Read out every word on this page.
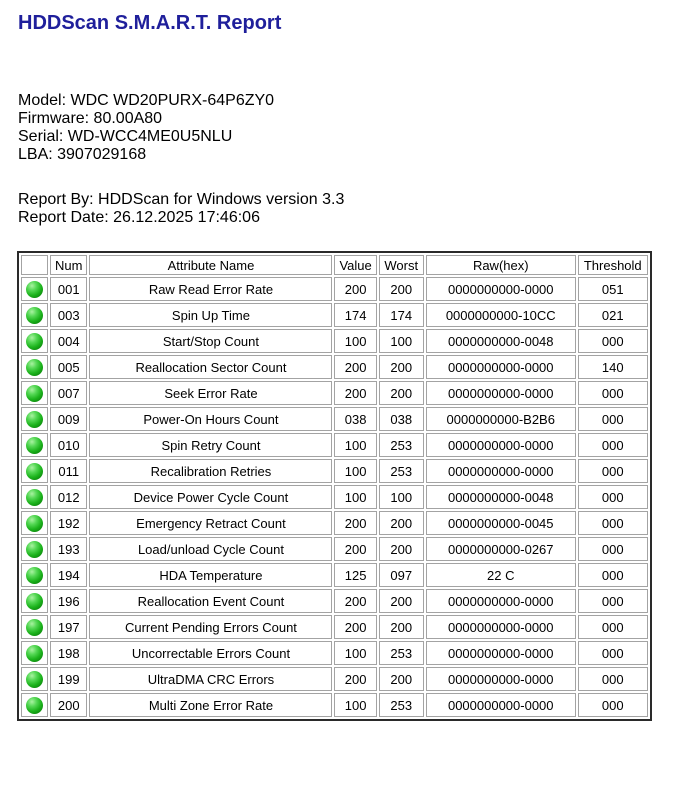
HDDScan S.M.A.R.T. Report
Model: WDC WD20PURX-64P6ZY0
Firmware: 80.00A80
Serial: WD-WCC4ME0U5NLU
LBA: 3907029168
Report By: HDDScan for Windows version 3.3
Report Date: 26.12.2025 17:46:06
	Num	Attribute Name	Value	Worst	Raw(hex)	Threshold
	001	Raw Read Error Rate	200	200	0000000000-0000	051
	003	Spin Up Time	174	174	0000000000-10CC	021
	004	Start/Stop Count	100	100	0000000000-0048	000
	005	Reallocation Sector Count	200	200	0000000000-0000	140
	007	Seek Error Rate	200	200	0000000000-0000	000
	009	Power-On Hours Count	038	038	0000000000-B2B6	000
	010	Spin Retry Count	100	253	0000000000-0000	000
	011	Recalibration Retries	100	253	0000000000-0000	000
	012	Device Power Cycle Count	100	100	0000000000-0048	000
	192	Emergency Retract Count	200	200	0000000000-0045	000
	193	Load/unload Cycle Count	200	200	0000000000-0267	000
	194	HDA Temperature	125	097	22 C	000
	196	Reallocation Event Count	200	200	0000000000-0000	000
	197	Current Pending Errors Count	200	200	0000000000-0000	000
	198	Uncorrectable Errors Count	100	253	0000000000-0000	000
	199	UltraDMA CRC Errors	200	200	0000000000-0000	000
	200	Multi Zone Error Rate	100	253	0000000000-0000	000
